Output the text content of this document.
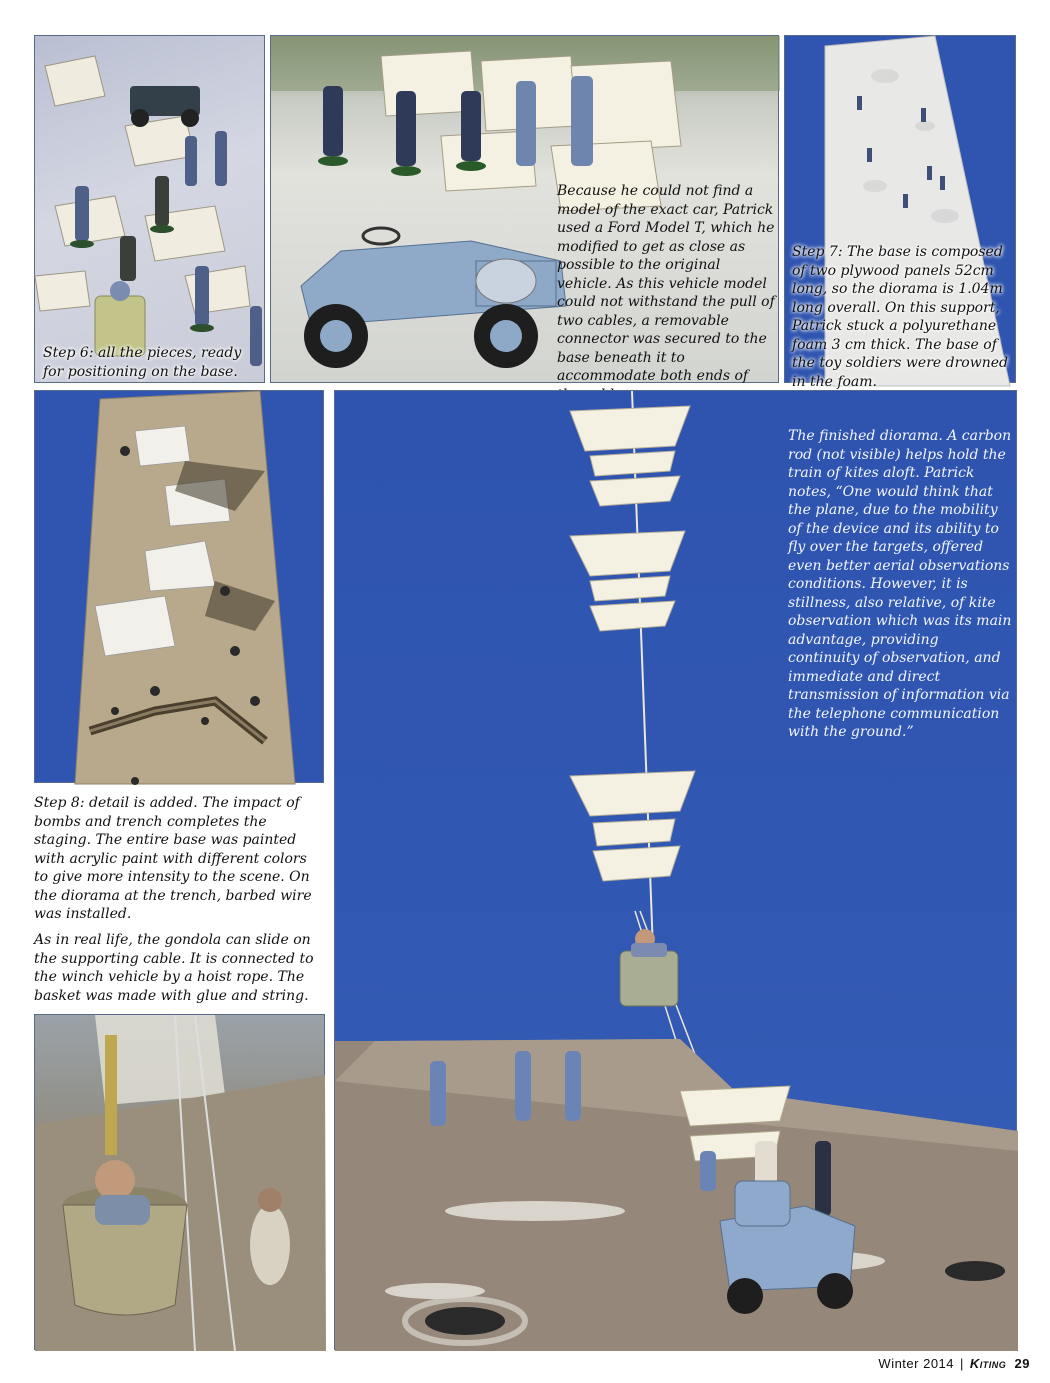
Step 6: all the pieces, ready for positioning on the base.
Because he could not find a model of the exact car, Patrick used a Ford Model T, which he modified to get as close as possible to the original vehicle. As this vehicle model could not withstand the pull of two cables, a removable connector was secured to the base beneath it to accommodate both ends of
Step 7: The base is composed of two plywood panels 52cm long, so the diorama is 1.04m long overall. On this support, Patrick stuck a polyurethane foam 3 cm thick. The base of the toy soldiers were drowned in the foam.
Step 8: detail is added. The impact of bombs and trench completes the staging. The entire base was painted with acrylic paint with different colors to give more intensity to the scene. On the diorama at the trench, barbed wire was installed.
As in real life, the gondola can slide on the supporting cable. It is connected to the winch vehicle by a hoist rope. The basket was made with glue and string.
The finished diorama. A carbon rod (not visible) helps hold the train of kites aloft. Patrick notes, “One would think that the plane, due to the mobility of the device and its ability to fly over the targets, offered even better aerial observations conditions. However, it is stillness, also relative, of kite observation which was its main advantage, providing continuity of observation, and immediate and direct transmission of information via the telephone communication with the ground.”
Winter 2014 | Kiting 29
